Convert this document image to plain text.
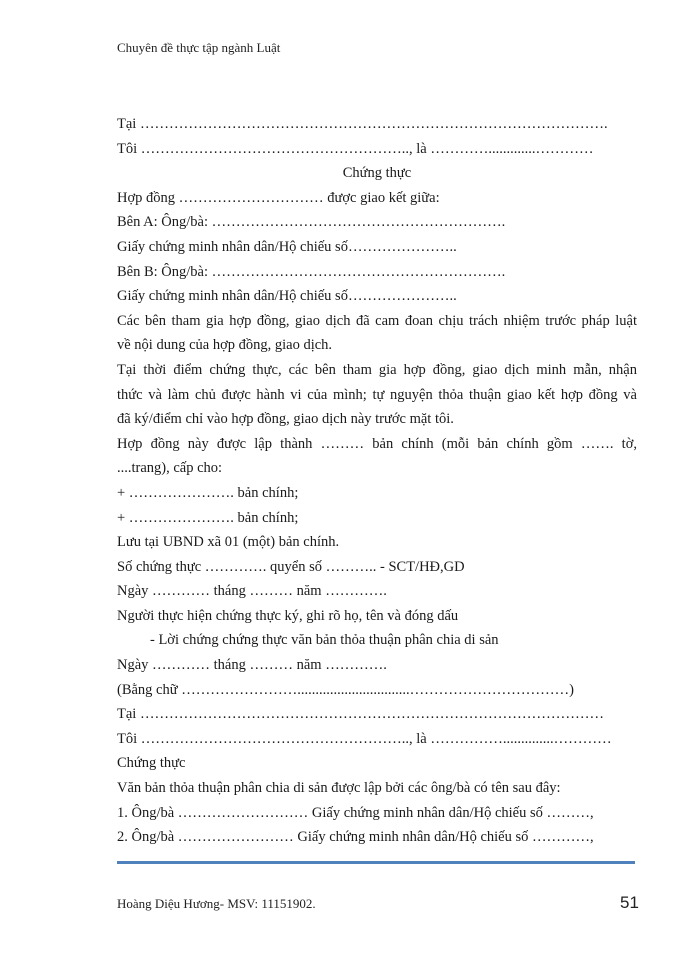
Chuyên đề thực tập ngành Luật
Tại …………………………………………………………………………………….
Tôi ……………………………………………….., là ………….............…………
Chứng thực
Hợp đồng ………………………… được giao kết giữa:
Bên A: Ông/bà: …………………………………………………….
Giấy chứng minh nhân dân/Hộ chiếu số…………………..
Bên B: Ông/bà: …………………………………………………….
Giấy chứng minh nhân dân/Hộ chiếu số…………………..
Các bên tham gia hợp đồng, giao dịch đã cam đoan chịu trách nhiệm trước pháp luật
về nội dung của hợp đồng, giao dịch.
Tại thời điểm chứng thực, các bên tham gia hợp đồng, giao dịch minh mẫn, nhận
thức và làm chủ được hành vi của mình; tự nguyện thỏa thuận giao kết hợp đồng và
đã ký/điểm chỉ vào hợp đồng, giao dịch này trước mặt tôi.
Hợp đồng này được lập thành ……… bản chính (mỗi bản chính gồm ……. tờ,
....trang), cấp cho:
+ …………………. bản chính;
+ …………………. bản chính;
Lưu tại UBND xã 01 (một) bản chính.
Số chứng thực …………. quyển số ……….. - SCT/HĐ,GD
Ngày ………… tháng ……… năm ………….
Người thực hiện chứng thực ký, ghi rõ họ, tên và đóng dấu
- Lời chứng chứng thực văn bản thỏa thuận phân chia di sản
Ngày ………… tháng ……… năm ………….
(Bằng chữ ……………………...............................……………………………)
Tại ……………………………………………………………………………………
Tôi ……………………………………………….., là ……………..............…………
Chứng thực
Văn bản thỏa thuận phân chia di sản được lập bởi các ông/bà có tên sau đây:
1. Ông/bà ……………………… Giấy chứng minh nhân dân/Hộ chiếu số ………,
2. Ông/bà …………………… Giấy chứng minh nhân dân/Hộ chiếu số …………,
Hoàng Diệu Hương- MSV: 11151902.	51
